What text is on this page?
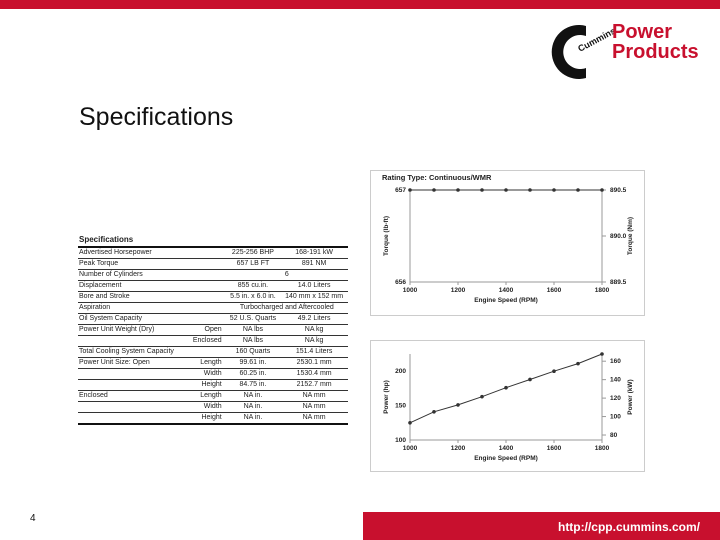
Cummins
Power
Products
Specifications
Specifications			
Advertised Horsepower		225-256 BHP	168-191 kW
Peak Torque		657 LB FT	891 NM
Number of Cylinders		6	
Displacement		855 cu.in.	14.0 Liters
Bore and Stroke		5.5 in. x 6.0 in.	140 mm x 152 mm
Aspiration		Turbocharged and Aftercooled	
Oil System Capacity		52 U.S. Quarts	49.2 Liters
Power Unit Weight (Dry)	Open	NA lbs	NA kg
	Enclosed	NA lbs	NA kg
Total Cooling System Capacity		160 Quarts	151.4 Liters
Power Unit Size: Open	Length	99.61 in.	2530.1 mm
	Width	60.25 in.	1530.4 mm
	Height	84.75 in.	2152.7 mm
Enclosed	Length	NA in.	NA mm
	Width	NA in.	NA mm
	Height	NA in.	NA mm
Rating Type: Continuous/WMR
1000	1200	1400	1600	1800
657
656
890.5
890.0
889.5
Engine Speed (RPM)
Torque (lb-ft)	Torque (Nm)
1000	1200	1400	1600	1800
100
150
200
80
100
120
140
160
Engine Speed (RPM)
Power (hp)	Power (kW)
4
http://cpp.cummins.com/
